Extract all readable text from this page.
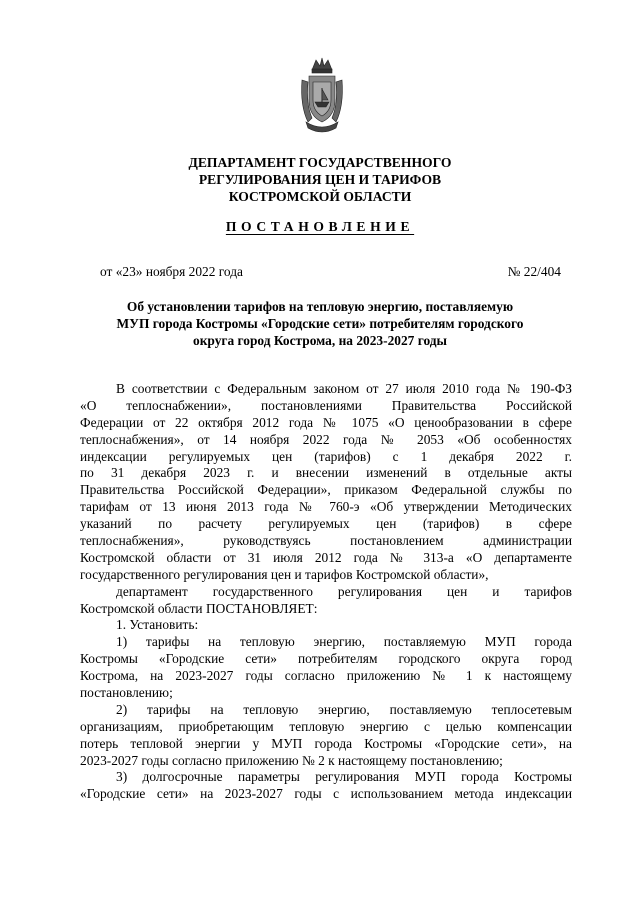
ДЕПАРТАМЕНТ ГОСУДАРСТВЕННОГО
РЕГУЛИРОВАНИЯ ЦЕН И ТАРИФОВ
КОСТРОМСКОЙ ОБЛАСТИ
ПОСТАНОВЛЕНИЕ
от «23» ноября 2022 года	№ 22/404
Об установлении тарифов на тепловую энергию, поставляемую
МУП города Костромы «Городские сети» потребителям городского
округа город Кострома, на 2023-2027 годы
В соответствии с Федеральным законом от 27 июля 2010 года № 190-ФЗ
«О теплоснабжении», постановлениями Правительства Российской
Федерации от 22 октября 2012 года № 1075 «О ценообразовании в сфере
теплоснабжения», от 14 ноября 2022 года № 2053 «Об особенностях
индексации регулируемых цен (тарифов) с 1 декабря 2022 г.
по 31 декабря 2023 г. и внесении изменений в отдельные акты
Правительства Российской Федерации», приказом Федеральной службы по
тарифам от 13 июня 2013 года № 760-э «Об утверждении Методических
указаний по расчету регулируемых цен (тарифов) в сфере
теплоснабжения», руководствуясь постановлением администрации
Костромской области от 31 июля 2012 года № 313-а «О департаменте
государственного регулирования цен и тарифов Костромской области»,
департамент государственного регулирования цен и тарифов
Костромской области ПОСТАНОВЛЯЕТ:
1. Установить:
1) тарифы на тепловую энергию, поставляемую МУП города
Костромы «Городские сети» потребителям городского округа город
Кострома, на 2023-2027 годы согласно приложению № 1 к настоящему
постановлению;
2) тарифы на тепловую энергию, поставляемую теплосетевым
организациям, приобретающим тепловую энергию с целью компенсации
потерь тепловой энергии у МУП города Костромы «Городские сети», на
2023-2027 годы согласно приложению № 2 к настоящему постановлению;
3) долгосрочные параметры регулирования МУП города Костромы
«Городские сети» на 2023-2027 годы с использованием метода индексации
